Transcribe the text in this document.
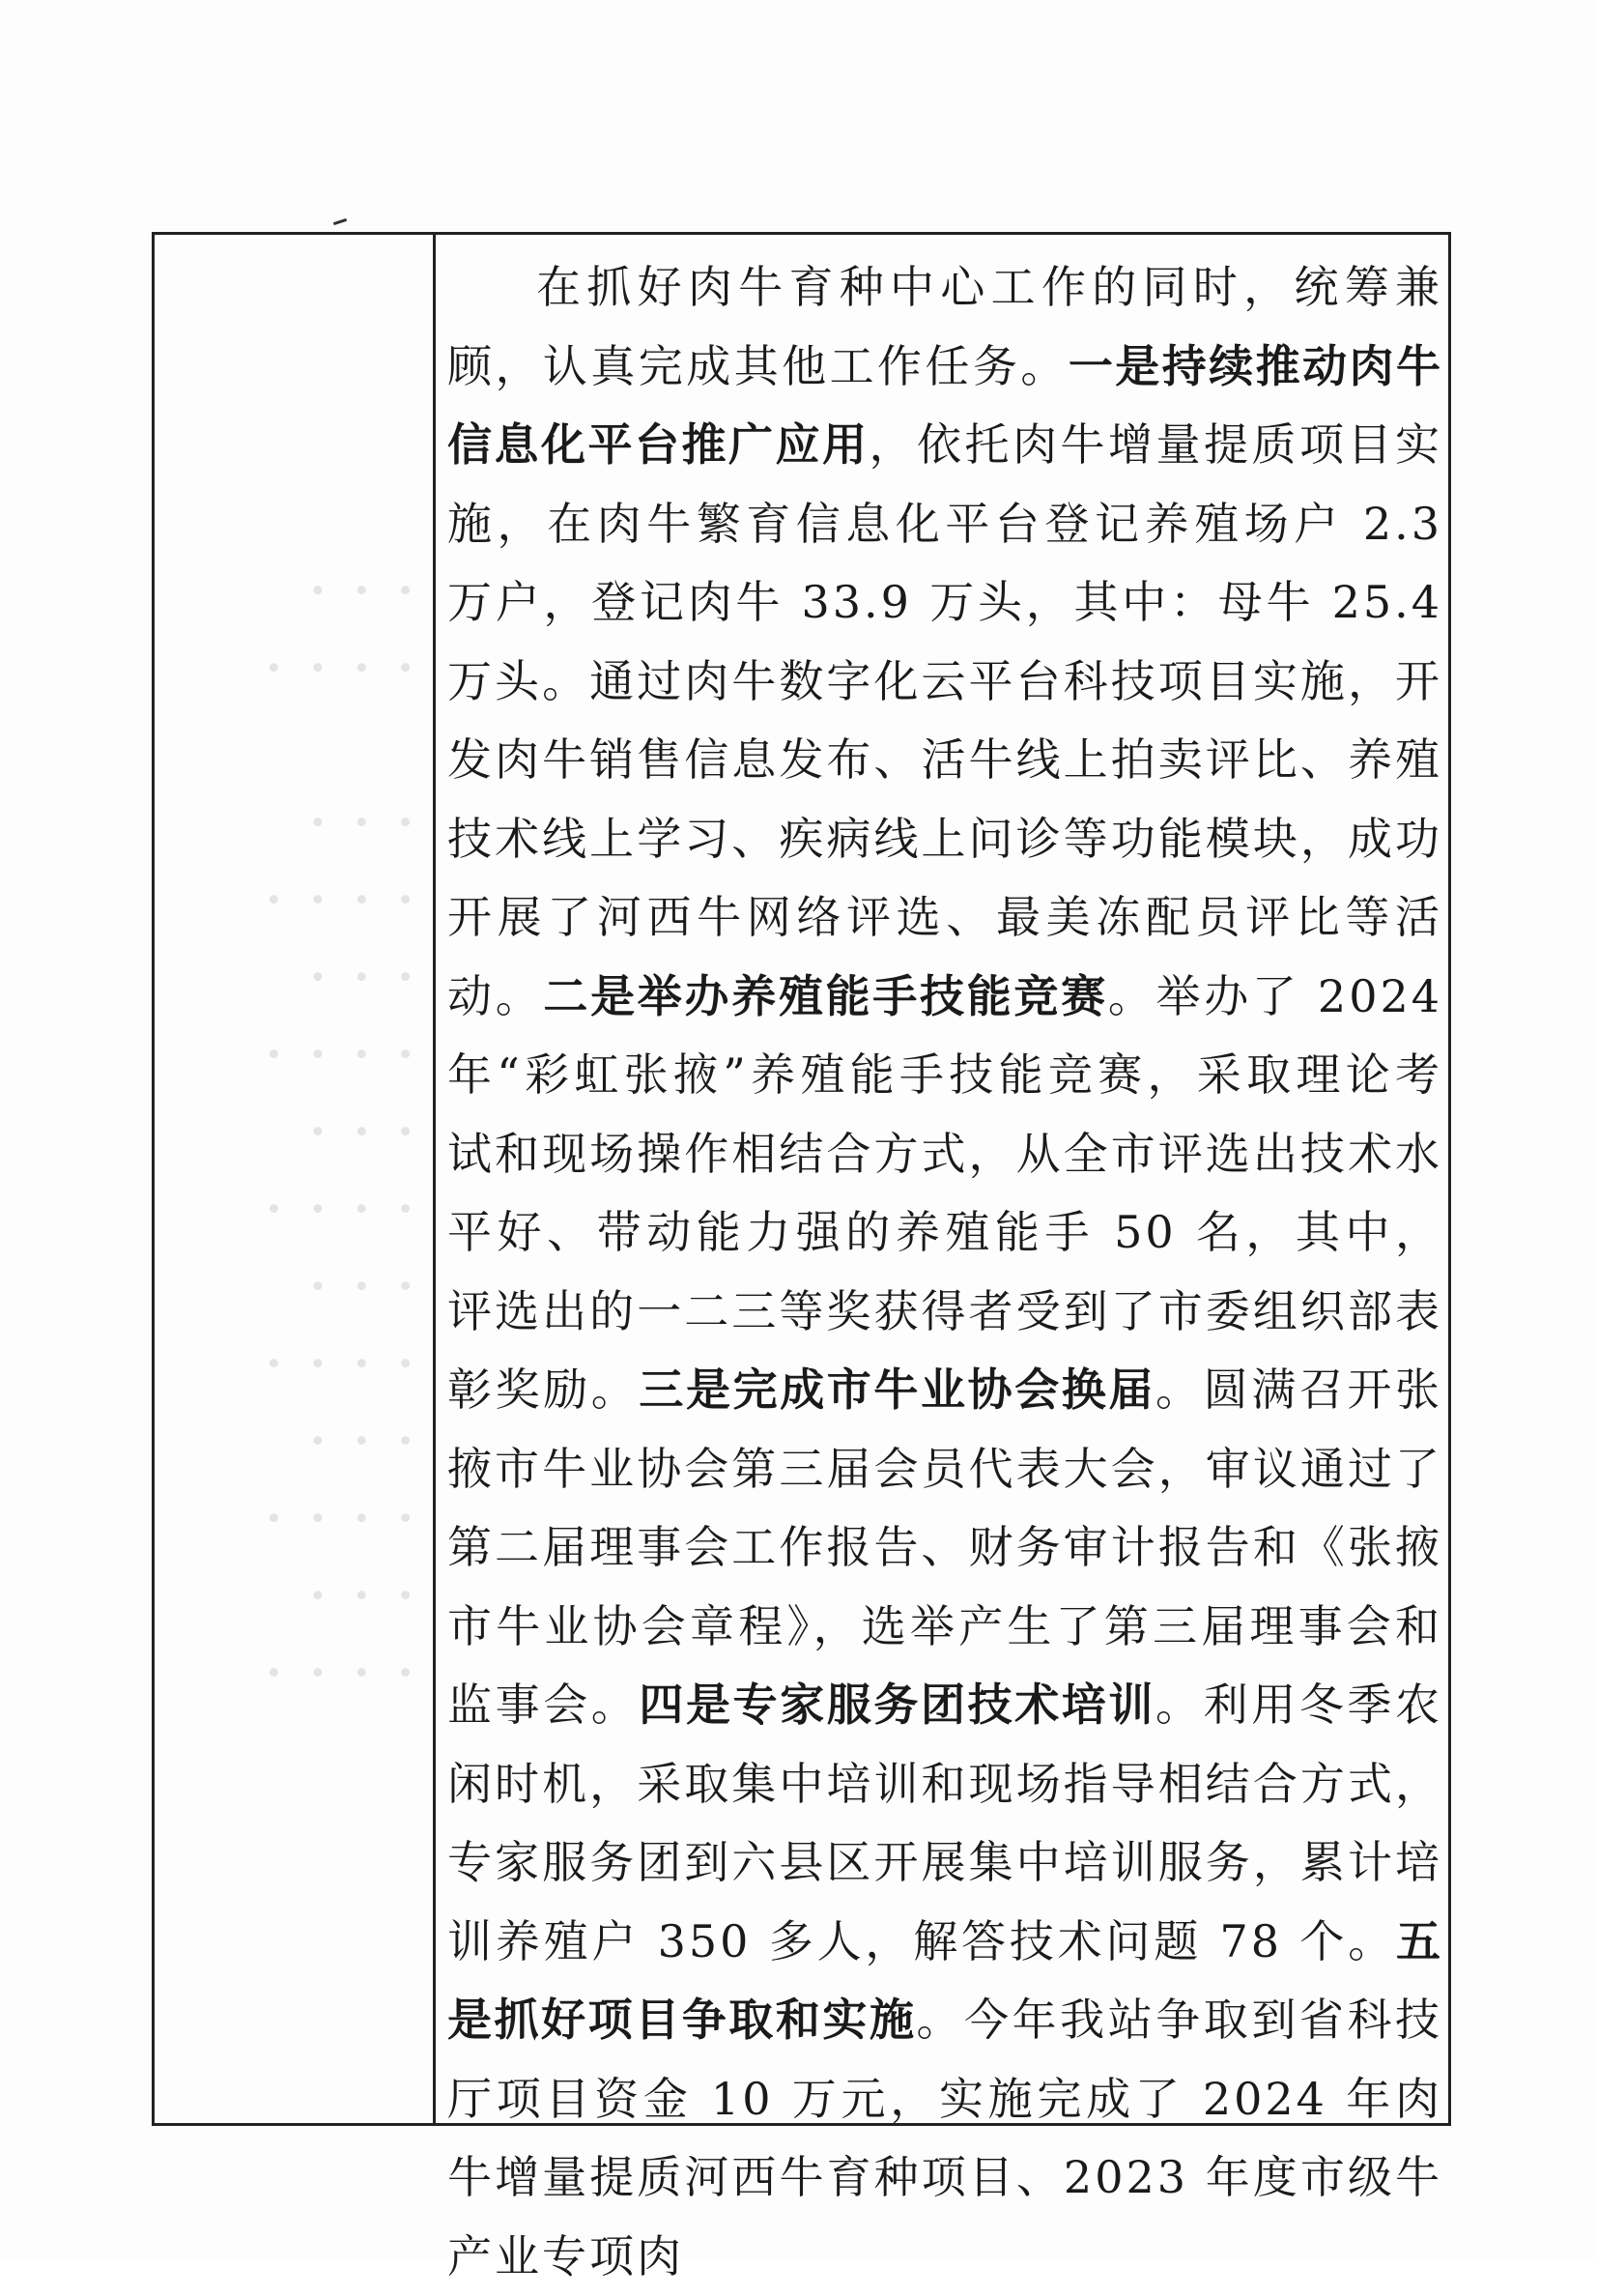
· · ·
· · · ·
· · ·
· · · ·
· · ·
· · · ·
· · ·
· · · ·
· · ·
· · · ·
· · ·
· · · ·
· · ·
· · · ·

在抓好肉牛育种中心工作的同时，统筹兼顾，认真完成其他工作任务。一是持续推动肉牛信息化平台推广应用，依托肉牛增量提质项目实施，在肉牛繁育信息化平台登记养殖场户 2.3 万户，登记肉牛 33.9 万头，其中：母牛 25.4 万头。通过肉牛数字化云平台科技项目实施，开发肉牛销售信息发布、活牛线上拍卖评比、养殖技术线上学习、疾病线上问诊等功能模块，成功开展了河西牛网络评选、最美冻配员评比等活动。二是举办养殖能手技能竞赛。举办了 2024 年“彩虹张掖”养殖能手技能竞赛，采取理论考试和现场操作相结合方式，从全市评选出技术水平好、带动能力强的养殖能手 50 名，其中，评选出的一二三等奖获得者受到了市委组织部表彰奖励。三是完成市牛业协会换届。圆满召开张掖市牛业协会第三届会员代表大会，审议通过了第二届理事会工作报告、财务审计报告和《张掖市牛业协会章程》，选举产生了第三届理事会和监事会。四是专家服务团技术培训。利用冬季农闲时机，采取集中培训和现场指导相结合方式，专家服务团到六县区开展集中培训服务，累计培训养殖户 350 多人，解答技术问题 78 个。五是抓好项目争取和实施。今年我站争取到省科技厅项目资金 10 万元，实施完成了 2024 年肉牛增量提质河西牛育种项目、2023 年度市级牛产业专项肉
